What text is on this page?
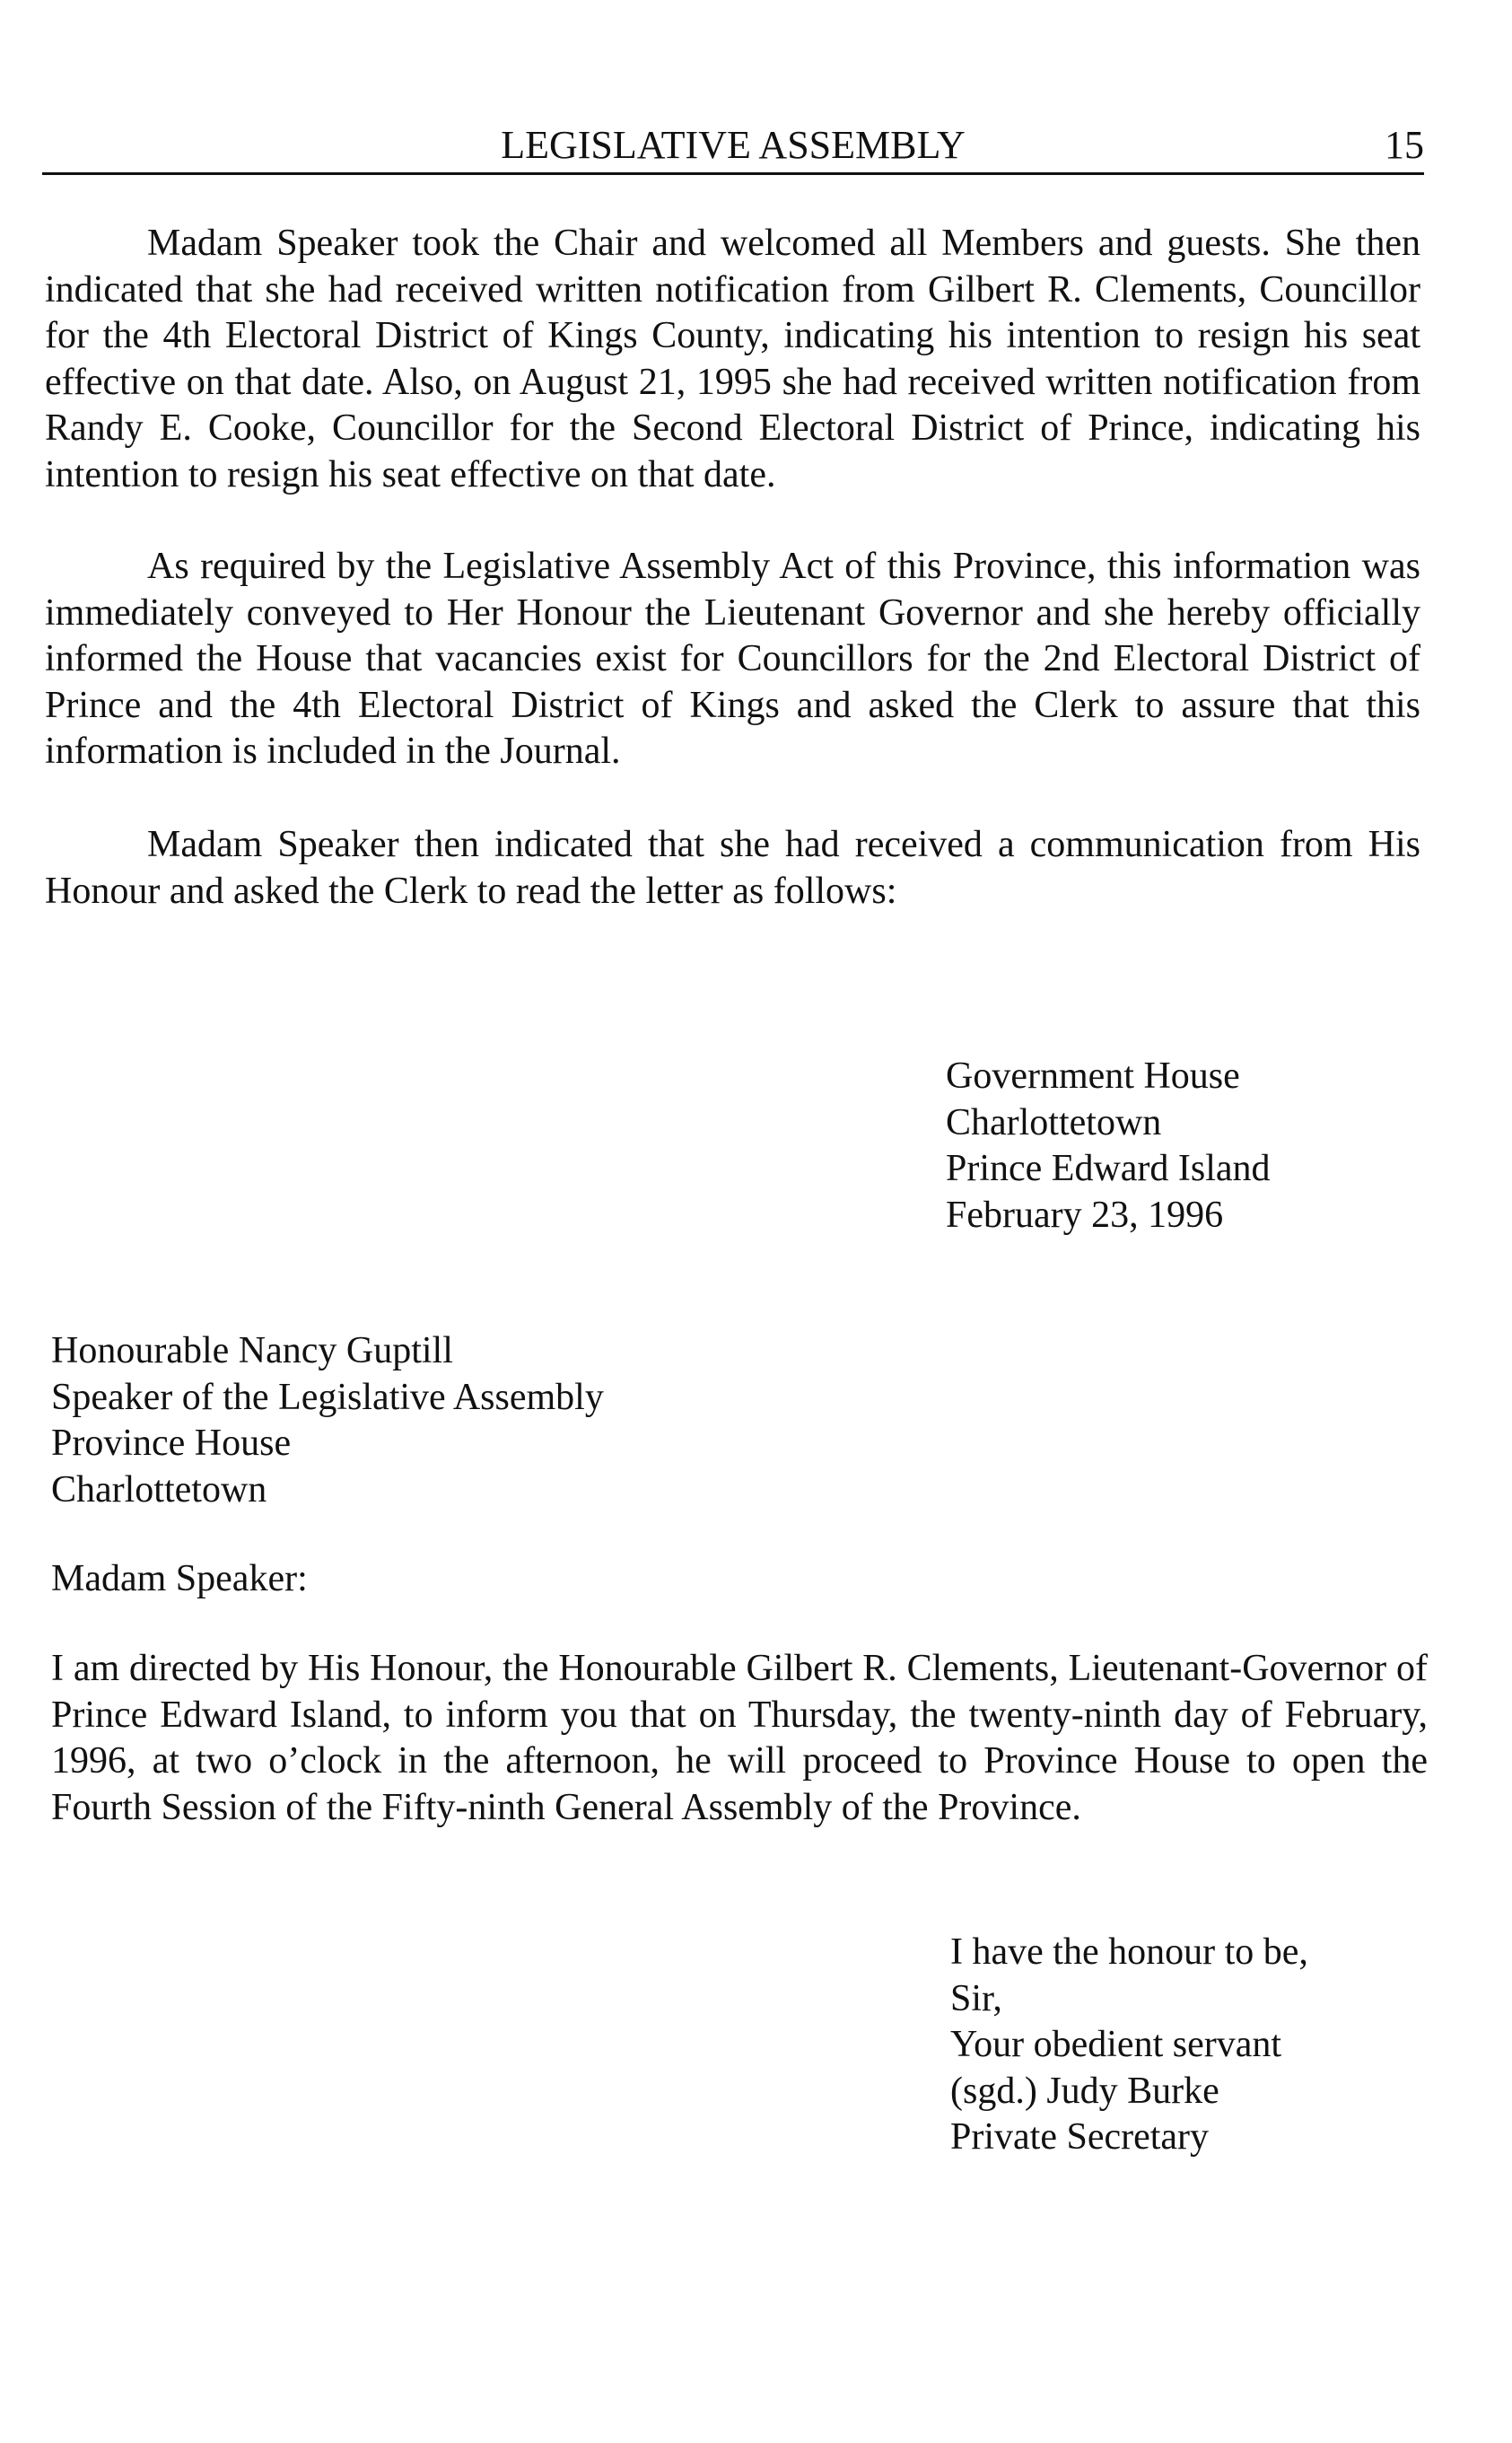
LEGISLATIVE ASSEMBLY	15

Madam Speaker took the Chair and welcomed all Members and guests. She then indicated that she had received written notification from Gilbert R. Clements, Councillor for the 4th Electoral District of Kings County, indicating his intention to resign his seat effective on that date. Also, on August 21, 1995 she had received written notification from Randy E. Cooke, Councillor for the Second Electoral District of Prince, indicating his intention to resign his seat effective on that date.

As required by the Legislative Assembly Act of this Province, this information was immediately conveyed to Her Honour the Lieutenant Governor and she hereby officially informed the House that vacancies exist for Councillors for the 2nd Electoral District of Prince and the 4th Electoral District of Kings and asked the Clerk to assure that this information is included in the Journal.

Madam Speaker then indicated that she had received a communication from His Honour and asked the Clerk to read the letter as follows:

Government House
Charlottetown
Prince Edward Island
February 23, 1996
Honourable Nancy Guptill
Speaker of the Legislative Assembly
Province House
Charlottetown
Madam Speaker:

I am directed by His Honour, the Honourable Gilbert R. Clements, Lieutenant-Governor of Prince Edward Island, to inform you that on Thursday, the twenty-ninth day of February, 1996, at two o’clock in the afternoon, he will proceed to Province House to open the Fourth Session of the Fifty-ninth General Assembly of the Province.

I have the honour to be,
Sir,
Your obedient servant
(sgd.) Judy Burke
Private Secretary
